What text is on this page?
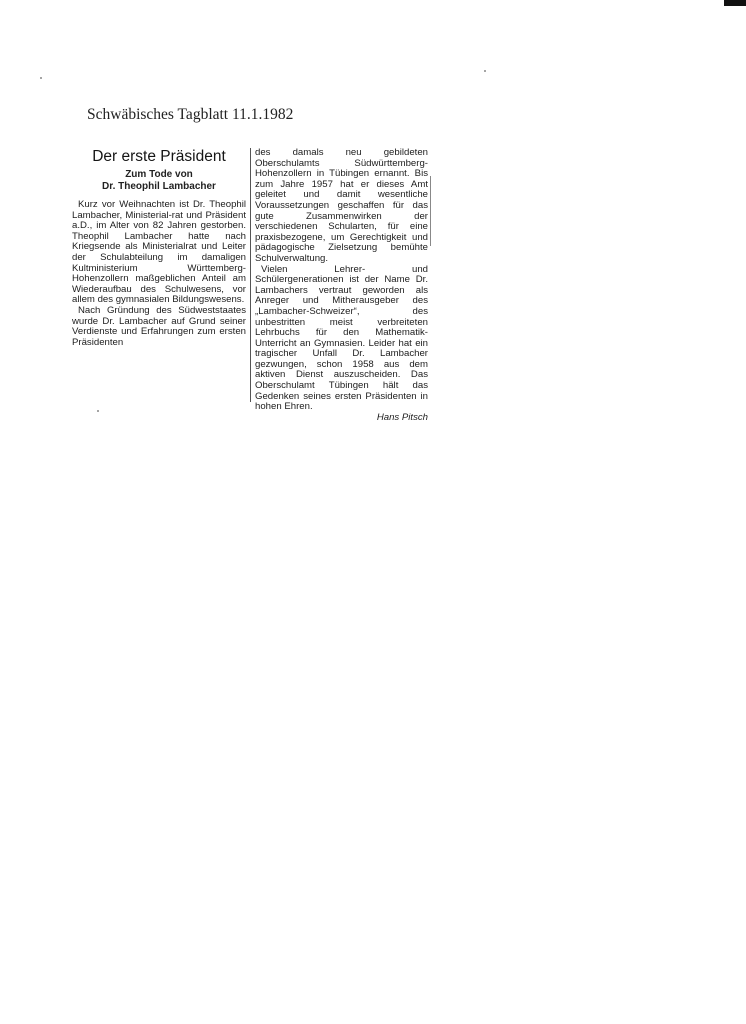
Schwäbisches Tagblatt 11.1.1982
Der erste Präsident
Zum Tode von
Dr. Theophil Lambacher

Kurz vor Weihnachten ist Dr. Theophil Lambacher, Ministerial-rat und Präsident a.D., im Alter von 82 Jahren gestorben. Theophil Lambacher hatte nach Kriegsende als Ministerialrat und Leiter der Schulabteilung im damaligen Kultministerium Württemberg-Hohenzollern maßgeblichen Anteil am Wiederaufbau des Schulwesens, vor allem des gymnasialen Bildungswesens.

Nach Gründung des Südweststaates wurde Dr. Lambacher auf Grund seiner Verdienste und Erfahrungen zum ersten Präsidenten

des damals neu gebildeten Oberschulamts Südwürttemberg-Hohenzollern in Tübingen ernannt. Bis zum Jahre 1957 hat er dieses Amt geleitet und damit wesentliche Voraussetzungen geschaffen für das gute Zusammenwirken der verschiedenen Schularten, für eine praxisbezogene, um Gerechtigkeit und pädagogische Zielsetzung bemühte Schulverwaltung.

Vielen Lehrer- und Schülergenerationen ist der Name Dr. Lambachers vertraut geworden als Anreger und Mitherausgeber des „Lambacher-Schweizer“, des unbestritten meist verbreiteten Lehrbuchs für den Mathematik-Unterricht an Gymnasien. Leider hat ein tragischer Unfall Dr. Lambacher gezwungen, schon 1958 aus dem aktiven Dienst auszuscheiden. Das Oberschulamt Tübingen hält das Gedenken seines ersten Präsidenten in hohen Ehren.

Hans Pitsch
